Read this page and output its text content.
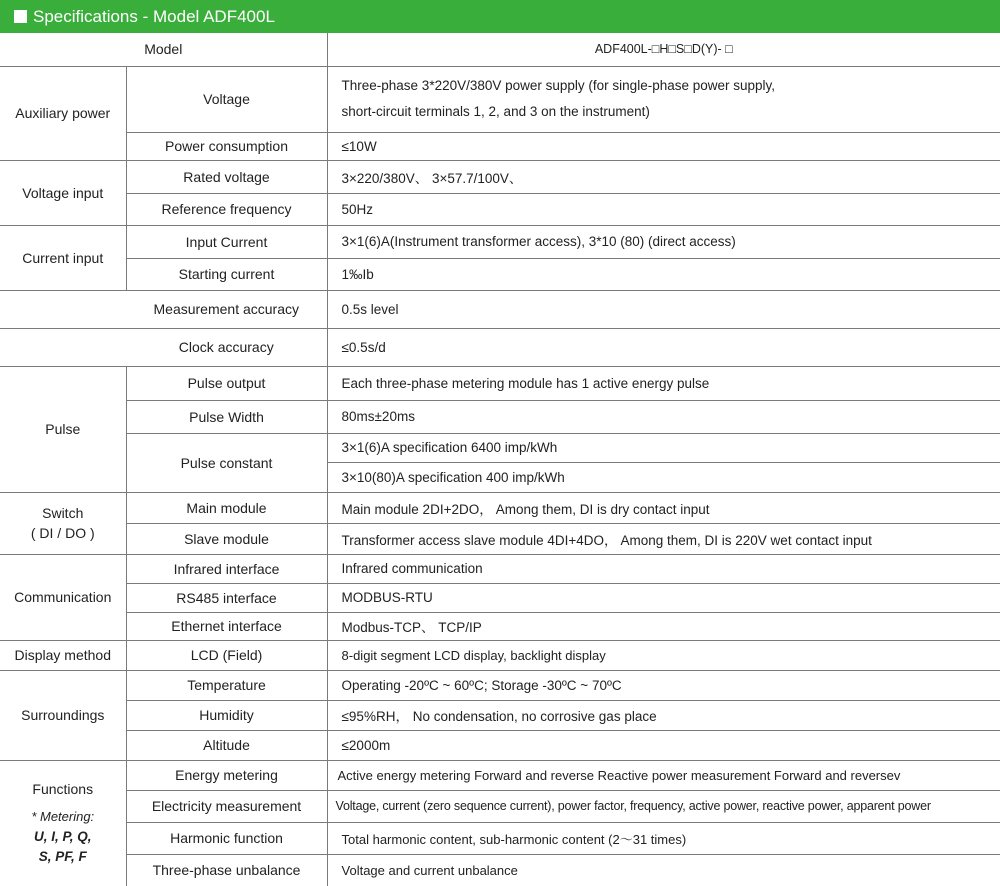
Specifications - Model ADF400L
Model		ADF400L-□H□S□D(Y)- □
Auxiliary power	Voltage	Three-phase 3*220V/380V power supply (for single-phase power supply,
short-circuit terminals 1, 2, and 3 on the instrument)

	Power consumption	≤10W
Voltage input	Rated voltage	3×220/380V、 3×57.7/100V、
	Reference frequency	50Hz
Current input	Input Current	3×1(6)A(Instrument transformer access), 3*10 (80) (direct access)
	Starting current	1‰Ib
Measurement accuracy		0.5s level
Clock accuracy		≤0.5s/d
Pulse	Pulse output	Each three-phase metering module has 1 active energy pulse
	Pulse Width	80ms±20ms
	Pulse constant	3×1(6)A specification 6400 imp/kWh
		3×10(80)A specification 400 imp/kWh

Switch
( DI / DO )	Main module	Main module 2DI+2DO， Among them, DI is dry contact input
	Slave module	Transformer access slave module 4DI+4DO， Among them, DI is 220V wet contact input
Communication	Infrared interface	Infrared communication
	RS485 interface	MODBUS-RTU
	Ethernet interface	Modbus-TCP、 TCP/IP
Display method	LCD (Field)	8-digit segment LCD display, backlight display
Surroundings	Temperature	Operating -20ºC ~ 60ºC; Storage -30ºC ~ 70ºC
	Humidity	≤95%RH， No condensation, no corrosive gas place
	Altitude	≤2000m

Functions
* Metering:
U, I, P, Q,
S, PF, F	Energy metering	Active energy metering Forward and reverse Reactive power measurement Forward and reversev
	Electricity measurement	Voltage, current (zero sequence current), power factor, frequency, active power, reactive power, apparent power
	Harmonic function	Total harmonic content, sub-harmonic content (2～31 times)
	Three-phase unbalance	Voltage and current unbalance
